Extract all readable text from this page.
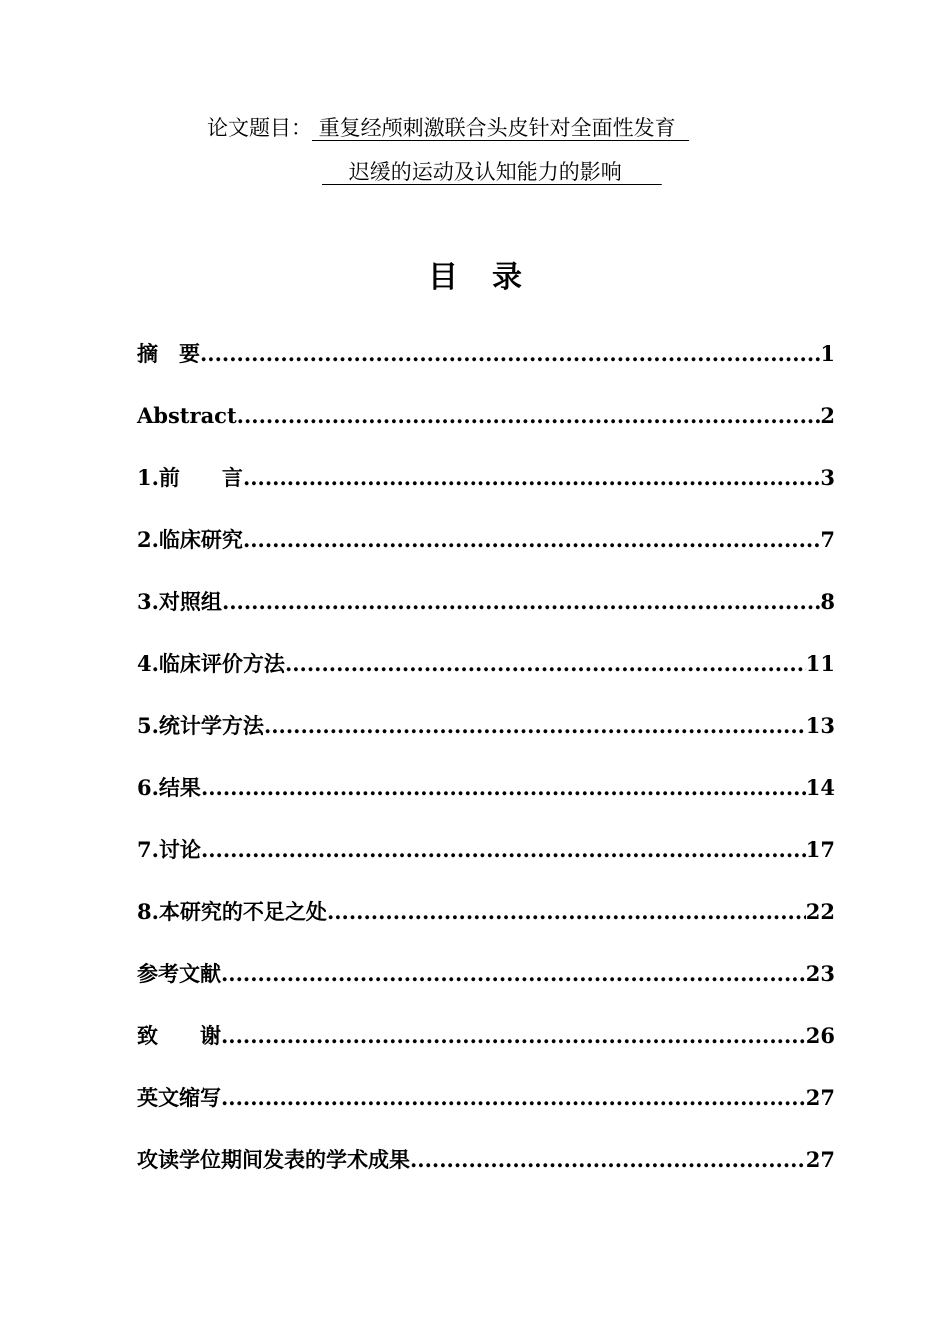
论文题目： 重复经颅刺激联合头皮针对全面性发育
迟缓的运动及认知能力的影响
目录
摘　要 .....	1
Abstract .....	2
1.前　　言 .....	3
2.临床研究 .....	7
3.对照组 .....	8
4.临床评价方法 .....	11
5.统计学方法 .....	13
6.结果 .....	14
7.讨论 .....	17
8.本研究的不足之处 .....	22
参考文献 .....	23
致　　谢 .....	26
英文缩写 .....	27
攻读学位期间发表的学术成果 .....	27
